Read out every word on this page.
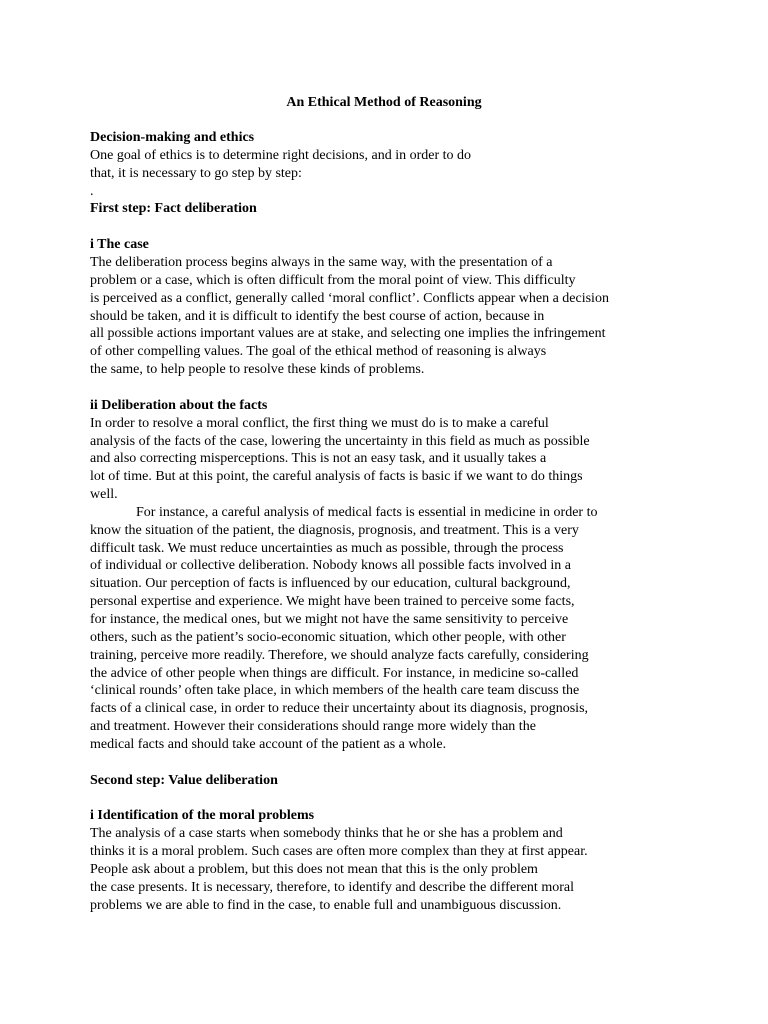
An Ethical Method of Reasoning
Decision-making and ethics
One goal of ethics is to determine right decisions, and in order to do
that, it is necessary to go step by step:
.
First step: Fact deliberation
i The case
The deliberation process begins always in the same way, with the presentation of a
problem or a case, which is often difficult from the moral point of view. This difficulty
is perceived as a conflict, generally called ‘moral conflict’. Conflicts appear when a decision
should be taken, and it is difficult to identify the best course of action, because in
all possible actions important values are at stake, and selecting one implies the infringement
of other compelling values. The goal of the ethical method of reasoning is always
the same, to help people to resolve these kinds of problems.
ii Deliberation about the facts
In order to resolve a moral conflict, the first thing we must do is to make a careful
analysis of the facts of the case, lowering the uncertainty in this field as much as possible
and also correcting misperceptions. This is not an easy task, and it usually takes a
lot of time. But at this point, the careful analysis of facts is basic if we want to do things
well.
For instance, a careful analysis of medical facts is essential in medicine in order to
know the situation of the patient, the diagnosis, prognosis, and treatment. This is a very
difficult task. We must reduce uncertainties as much as possible, through the process
of individual or collective deliberation. Nobody knows all possible facts involved in a
situation. Our perception of facts is influenced by our education, cultural background,
personal expertise and experience. We might have been trained to perceive some facts,
for instance, the medical ones, but we might not have the same sensitivity to perceive
others, such as the patient’s socio-economic situation, which other people, with other
training, perceive more readily. Therefore, we should analyze facts carefully, considering
the advice of other people when things are difficult. For instance, in medicine so-called
‘clinical rounds’ often take place, in which members of the health care team discuss the
facts of a clinical case, in order to reduce their uncertainty about its diagnosis, prognosis,
and treatment. However their considerations should range more widely than the
medical facts and should take account of the patient as a whole.
Second step: Value deliberation
i Identification of the moral problems
The analysis of a case starts when somebody thinks that he or she has a problem and
thinks it is a moral problem. Such cases are often more complex than they at first appear.
People ask about a problem, but this does not mean that this is the only problem
the case presents. It is necessary, therefore, to identify and describe the different moral
problems we are able to find in the case, to enable full and unambiguous discussion.
